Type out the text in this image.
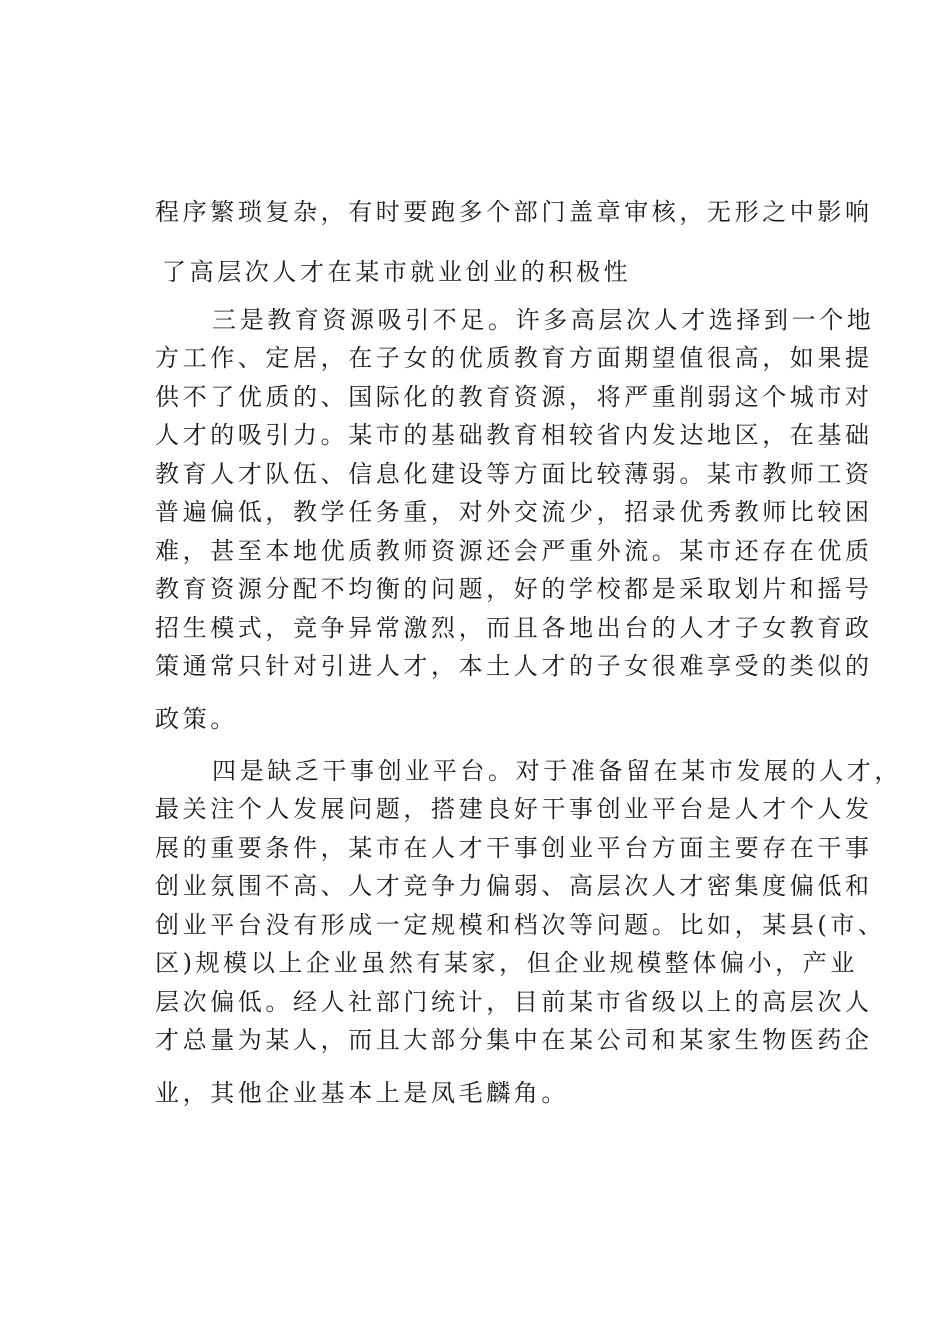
程序繁琐复杂，有时要跑多个部门盖章审核，无形之中影响
了高层次人才在某市就业创业的积极性
三是教育资源吸引不足。许多高层次人才选择到一个地
方工作、定居，在子女的优质教育方面期望值很高，如果提
供不了优质的、国际化的教育资源，将严重削弱这个城市对
人才的吸引力。某市的基础教育相较省内发达地区，在基础
教育人才队伍、信息化建设等方面比较薄弱。某市教师工资
普遍偏低，教学任务重，对外交流少，招录优秀教师比较困
难，甚至本地优质教师资源还会严重外流。某市还存在优质
教育资源分配不均衡的问题，好的学校都是采取划片和摇号
招生模式，竞争异常激烈，而且各地出台的人才子女教育政
策通常只针对引进人才，本土人才的子女很难享受的类似的
政策。
四是缺乏干事创业平台。对于准备留在某市发展的人才，
最关注个人发展问题，搭建良好干事创业平台是人才个人发
展的重要条件，某市在人才干事创业平台方面主要存在干事
创业氛围不高、人才竞争力偏弱、高层次人才密集度偏低和
创业平台没有形成一定规模和档次等问题。比如，某县(市、
区)规模以上企业虽然有某家，但企业规模整体偏小，产业
层次偏低。经人社部门统计，目前某市省级以上的高层次人
才总量为某人，而且大部分集中在某公司和某家生物医药企
业，其他企业基本上是凤毛麟角。
